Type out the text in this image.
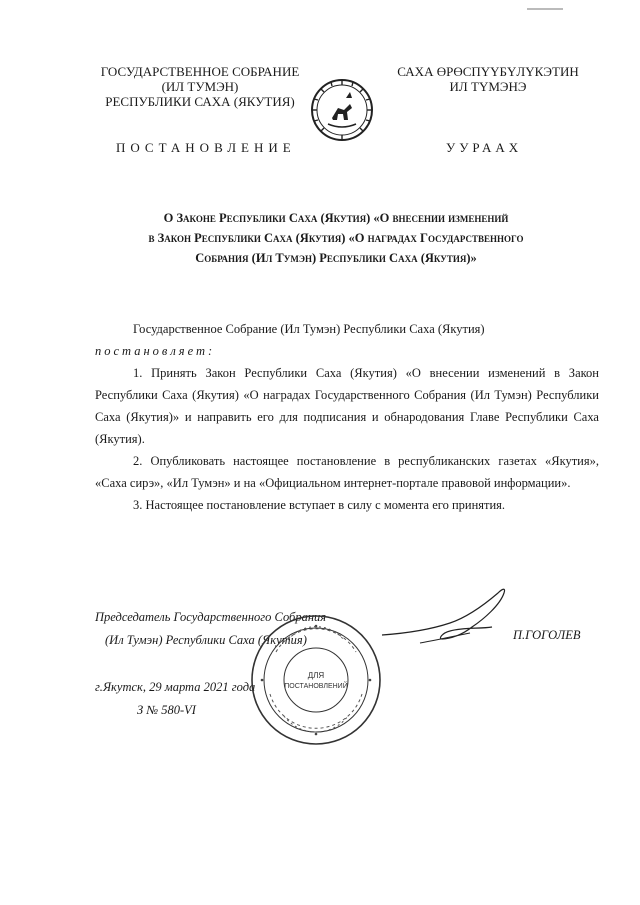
ГОСУДАРСТВЕННОЕ СОБРАНИЕ
(ИЛ ТУМЭН)
РЕСПУБЛИКИ САХА (ЯКУТИЯ)
САХА ӨРӨСПҮҮБҮЛҮКЭТИН
ИЛ ТҮМЭНЭ
ПОСТАНОВЛЕНИЕ	УУРААХ
О Законе Республики Саха (Якутия) «О внесении изменений
в Закон Республики Саха (Якутия) «О наградах Государственного
Собрания (Ил Тумэн) Республики Саха (Якутия)»

Государственное Собрание (Ил Тумэн) Республики Саха (Якутия)

постановляет:

1. Принять Закон Республики Саха (Якутия) «О внесении изменений в Закон Республики Саха (Якутия) «О наградах Государственного Собрания (Ил Тумэн) Республики Саха (Якутия)» и направить его для подписания и обнародования Главе Республики Саха (Якутия).

2. Опубликовать настоящее постановление в республиканских газетах «Якутия», «Саха сирэ», «Ил Тумэн» и на «Официальном интернет-портале правовой информации».

3. Настоящее постановление вступает в силу с момента его принятия.

Председатель Государственного Собрания
(Ил Тумэн) Республики Саха (Якутия)	П.ГОГОЛЕВ
г.Якутск, 29 марта 2021 года
З № 580-VI
ДЛЯ
ПОСТАНОВЛЕНИЙ
